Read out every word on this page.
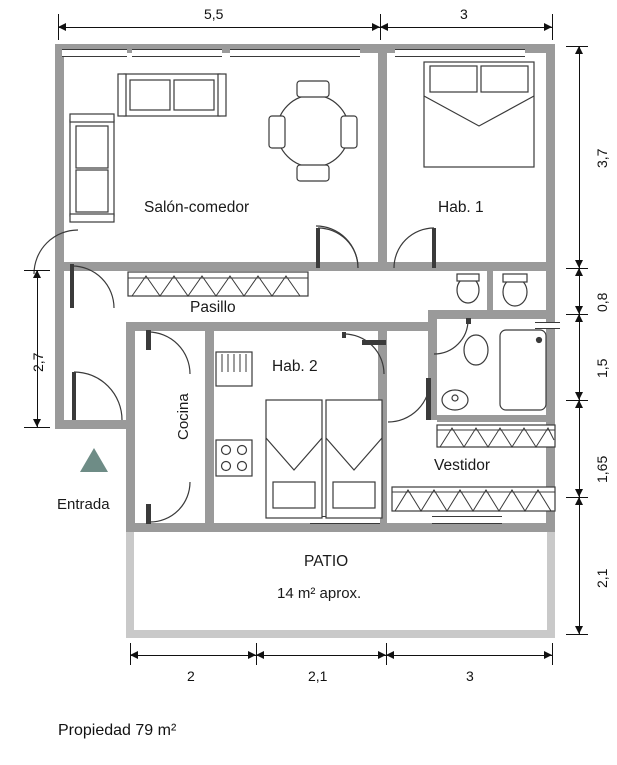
Salón-comedor	Hab. 1
Pasillo
Hab. 2
Cocina
Vestidor
PATIO
14 m² aprox.
Entrada
5,5	3
2	2,1	3
3,7
0,8
1,5
1,65
2,1
2,7
Propiedad 79 m²
